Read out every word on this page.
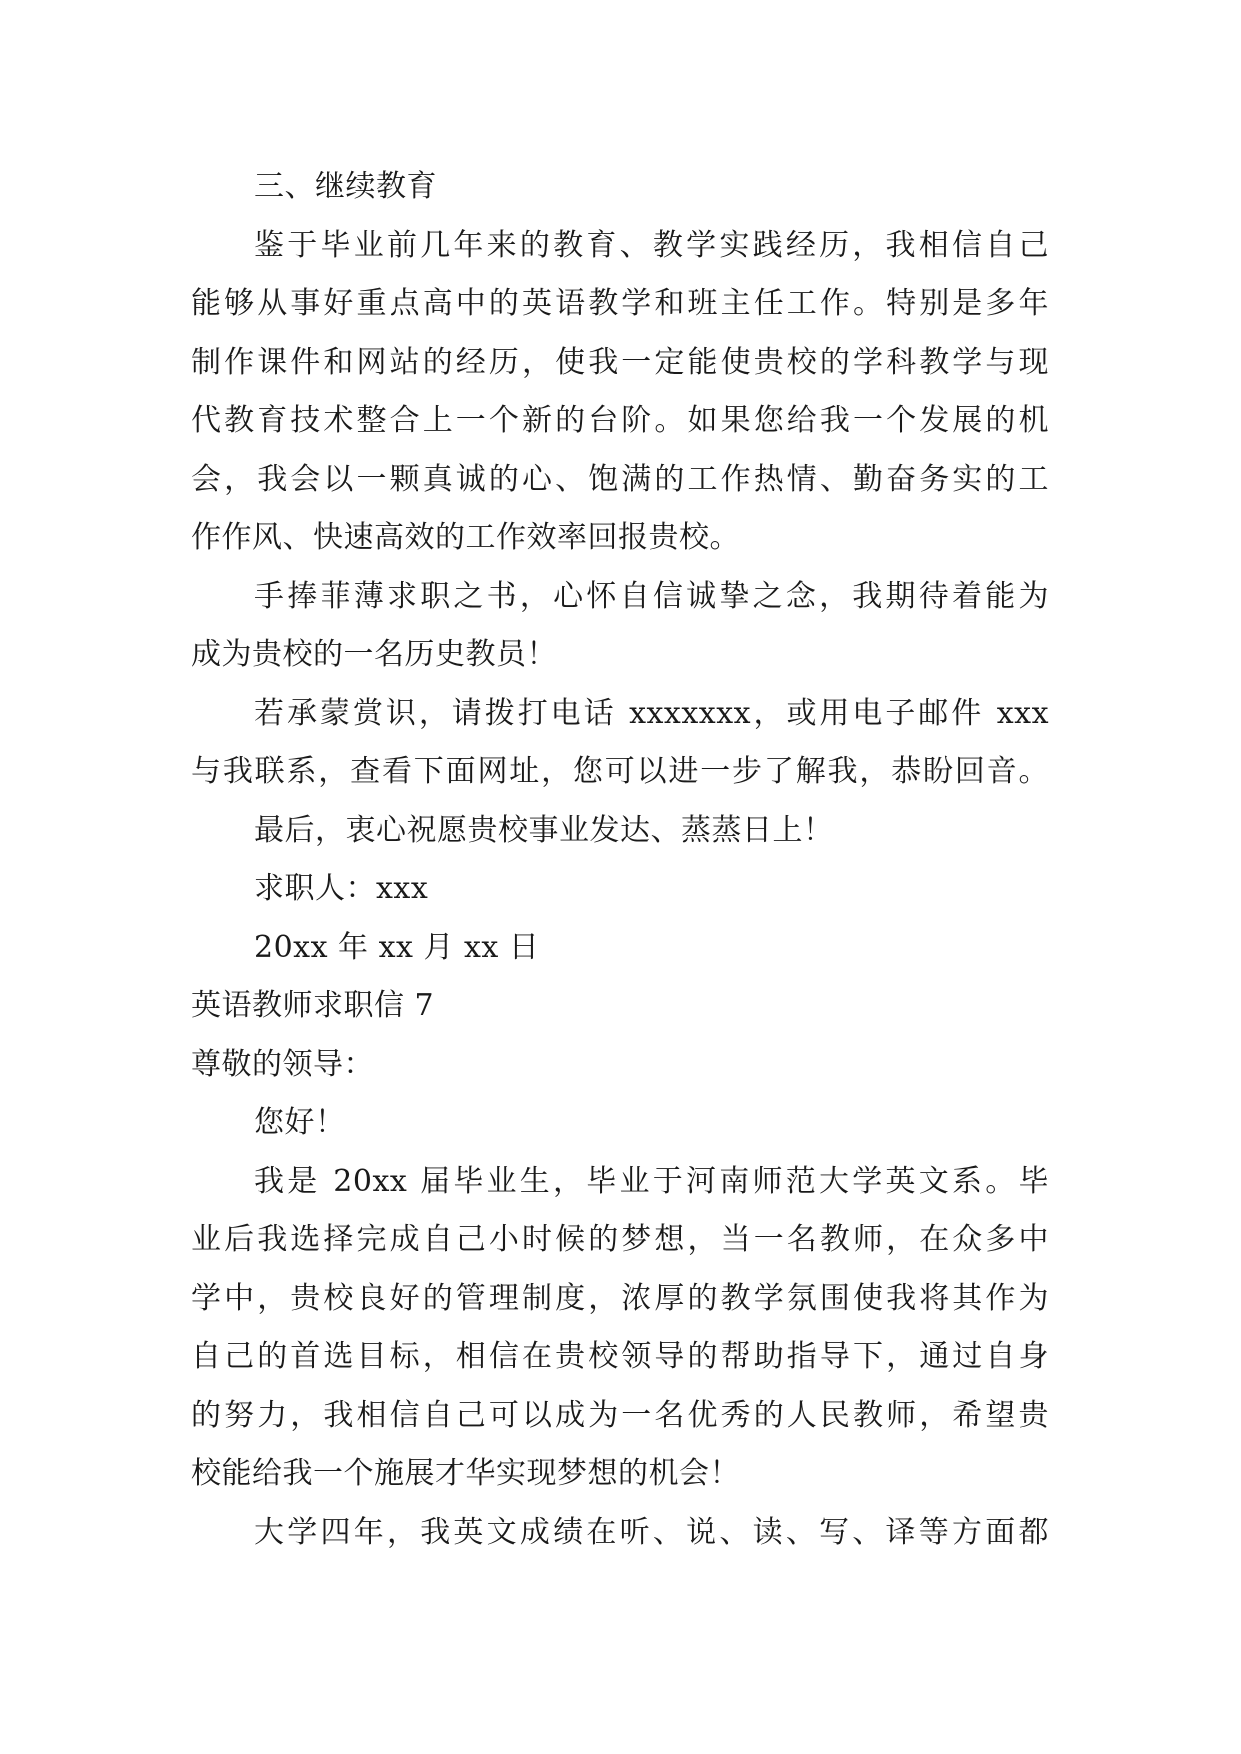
三、继续教育
鉴于毕业前几年来的教育、教学实践经历，我相信自己
能够从事好重点高中的英语教学和班主任工作。特别是多年
制作课件和网站的经历，使我一定能使贵校的学科教学与现
代教育技术整合上一个新的台阶。如果您给我一个发展的机
会，我会以一颗真诚的心、饱满的工作热情、勤奋务实的工
作作风、快速高效的工作效率回报贵校。
手捧菲薄求职之书，心怀自信诚挚之念，我期待着能为
成为贵校的一名历史教员！
若承蒙赏识，请拨打电话 xxxxxxx，或用电子邮件 xxx
与我联系，查看下面网址，您可以进一步了解我，恭盼回音。
最后，衷心祝愿贵校事业发达、蒸蒸日上！
求职人：xxx
20xx 年 xx 月 xx 日
英语教师求职信 7
尊敬的领导：
您好！
我是 20xx 届毕业生，毕业于河南师范大学英文系。毕
业后我选择完成自己小时候的梦想，当一名教师，在众多中
学中，贵校良好的管理制度，浓厚的教学氛围使我将其作为
自己的首选目标，相信在贵校领导的帮助指导下，通过自身
的努力，我相信自己可以成为一名优秀的人民教师，希望贵
校能给我一个施展才华实现梦想的机会！
大学四年，我英文成绩在听、说、读、写、译等方面都
